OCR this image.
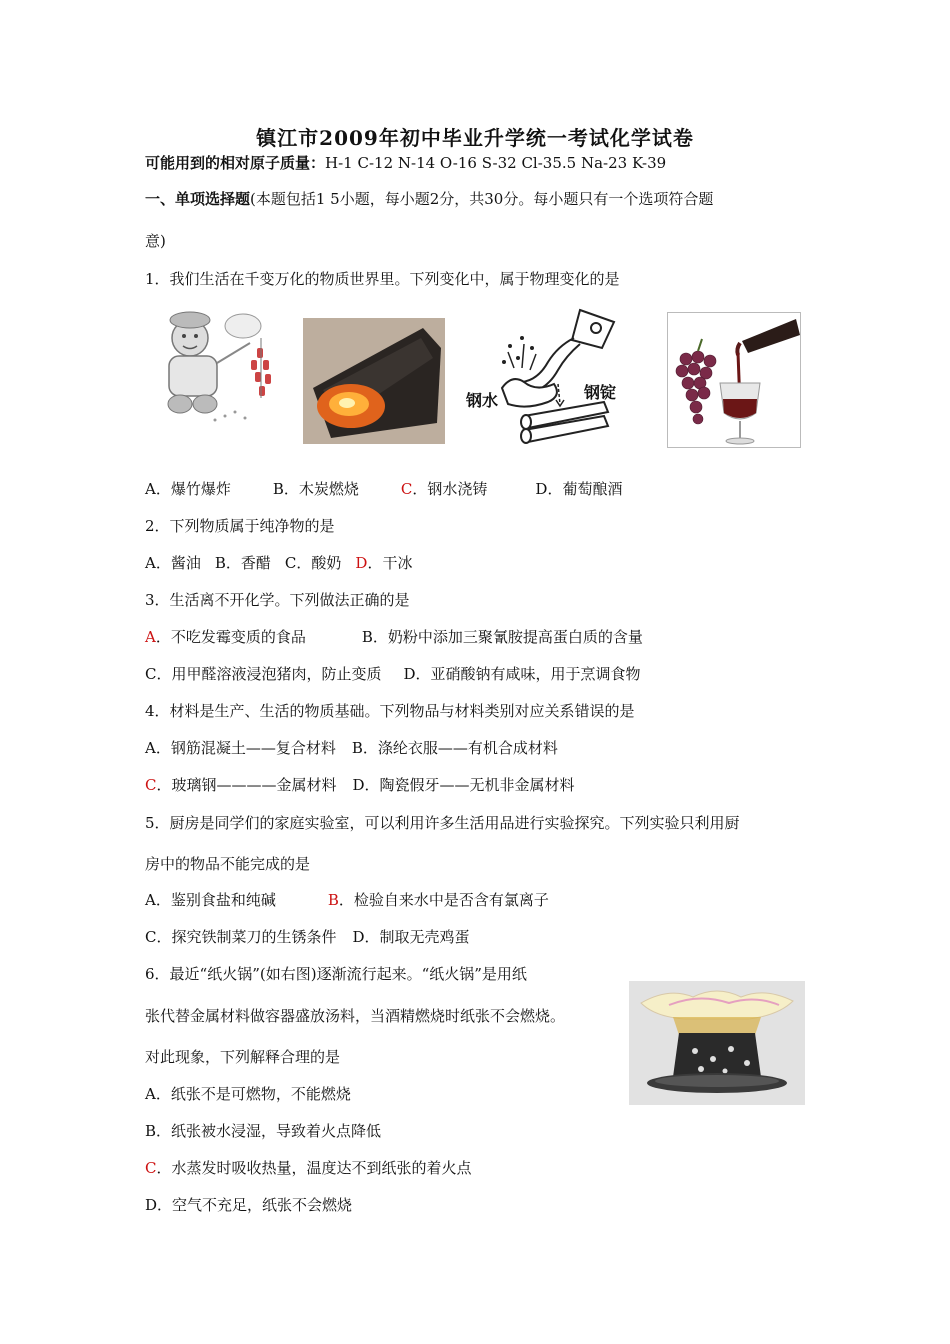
镇江市2009年初中毕业升学统一考试化学试卷
可能用到的相对原子质量：H-1 C-12 N-14 O-16 S-32 Cl-35.5 Na-23 K-39
一、单项选择题(本题包括1 5小题，每小题2分，共30分。每小题只有一个选项符合题
意)
1．我们生活在千变万化的物质世界里。下列变化中，属于物理变化的是
钢水	钢锭
A．爆竹爆炸	B．木炭燃烧	C．钢水浇铸	D．葡萄酿酒
2．下列物质属于纯净物的是
A．酱油 B．香醋 C．酸奶 D．干冰
3．生活离不开化学。下列做法正确的是
A．不吃发霉变质的食品	B．奶粉中添加三聚氰胺提高蛋白质的含量
C．用甲醛溶液浸泡猪肉，防止变质 D．亚硝酸钠有咸味，用于烹调食物
4．材料是生产、生活的物质基础。下列物品与材料类别对应关系错误的是
A．钢筋混凝土——复合材料 B．涤纶衣服——有机合成材料
C．玻璃钢————金属材料 D．陶瓷假牙——无机非金属材料
5．厨房是同学们的家庭实验室，可以利用许多生活用品进行实验探究。下列实验只利用厨
房中的物品不能完成的是
A．鉴别食盐和纯碱	B．检验自来水中是否含有氯离子
C．探究铁制菜刀的生锈条件 D．制取无壳鸡蛋
6．最近“纸火锅”(如右图)逐渐流行起来。“纸火锅”是用纸
张代替金属材料做容器盛放汤料，当酒精燃烧时纸张不会燃烧。
对此现象，下列解释合理的是
A．纸张不是可燃物，不能燃烧
B．纸张被水浸湿，导致着火点降低
C．水蒸发时吸收热量，温度达不到纸张的着火点
D．空气不充足，纸张不会燃烧
